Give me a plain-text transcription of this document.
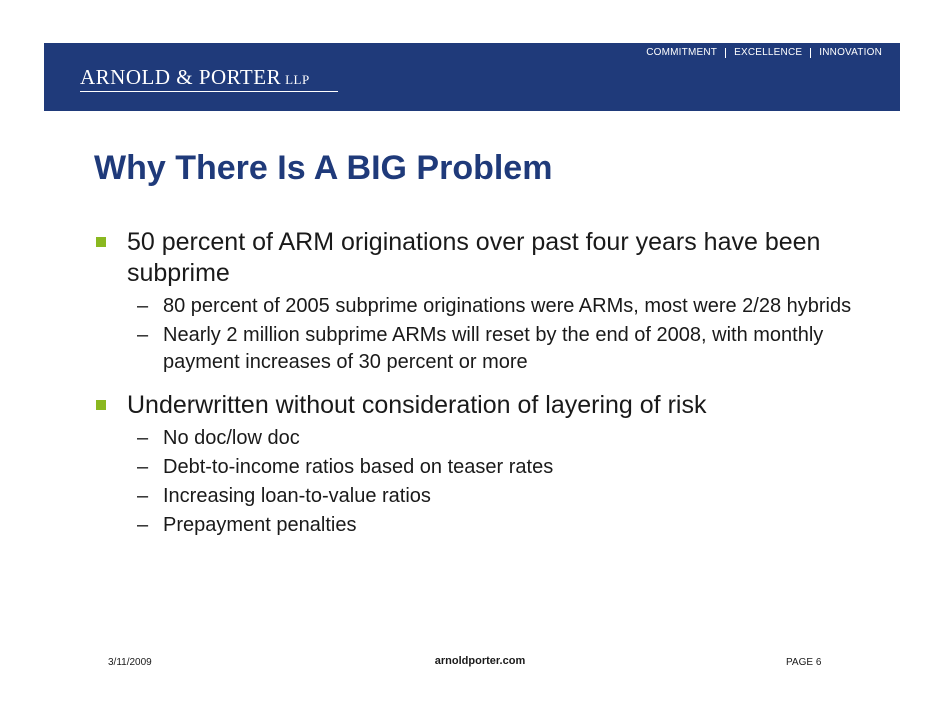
COMMITMENT EXCELLENCE INNOVATION
ARNOLD & PORTER LLP
Why There Is A BIG Problem
50 percent of ARM originations over past four years have been subprime
– 80 percent of 2005 subprime originations were ARMs, most were 2/28 hybrids
– Nearly 2 million subprime ARMs will reset by the end of 2008, with monthly payment increases of 30 percent or more
Underwritten without consideration of layering of risk
– No doc/low doc
– Debt-to-income ratios based on teaser rates
– Increasing loan-to-value ratios
– Prepayment penalties
3/11/2009	arnoldporter.com	PAGE 6
